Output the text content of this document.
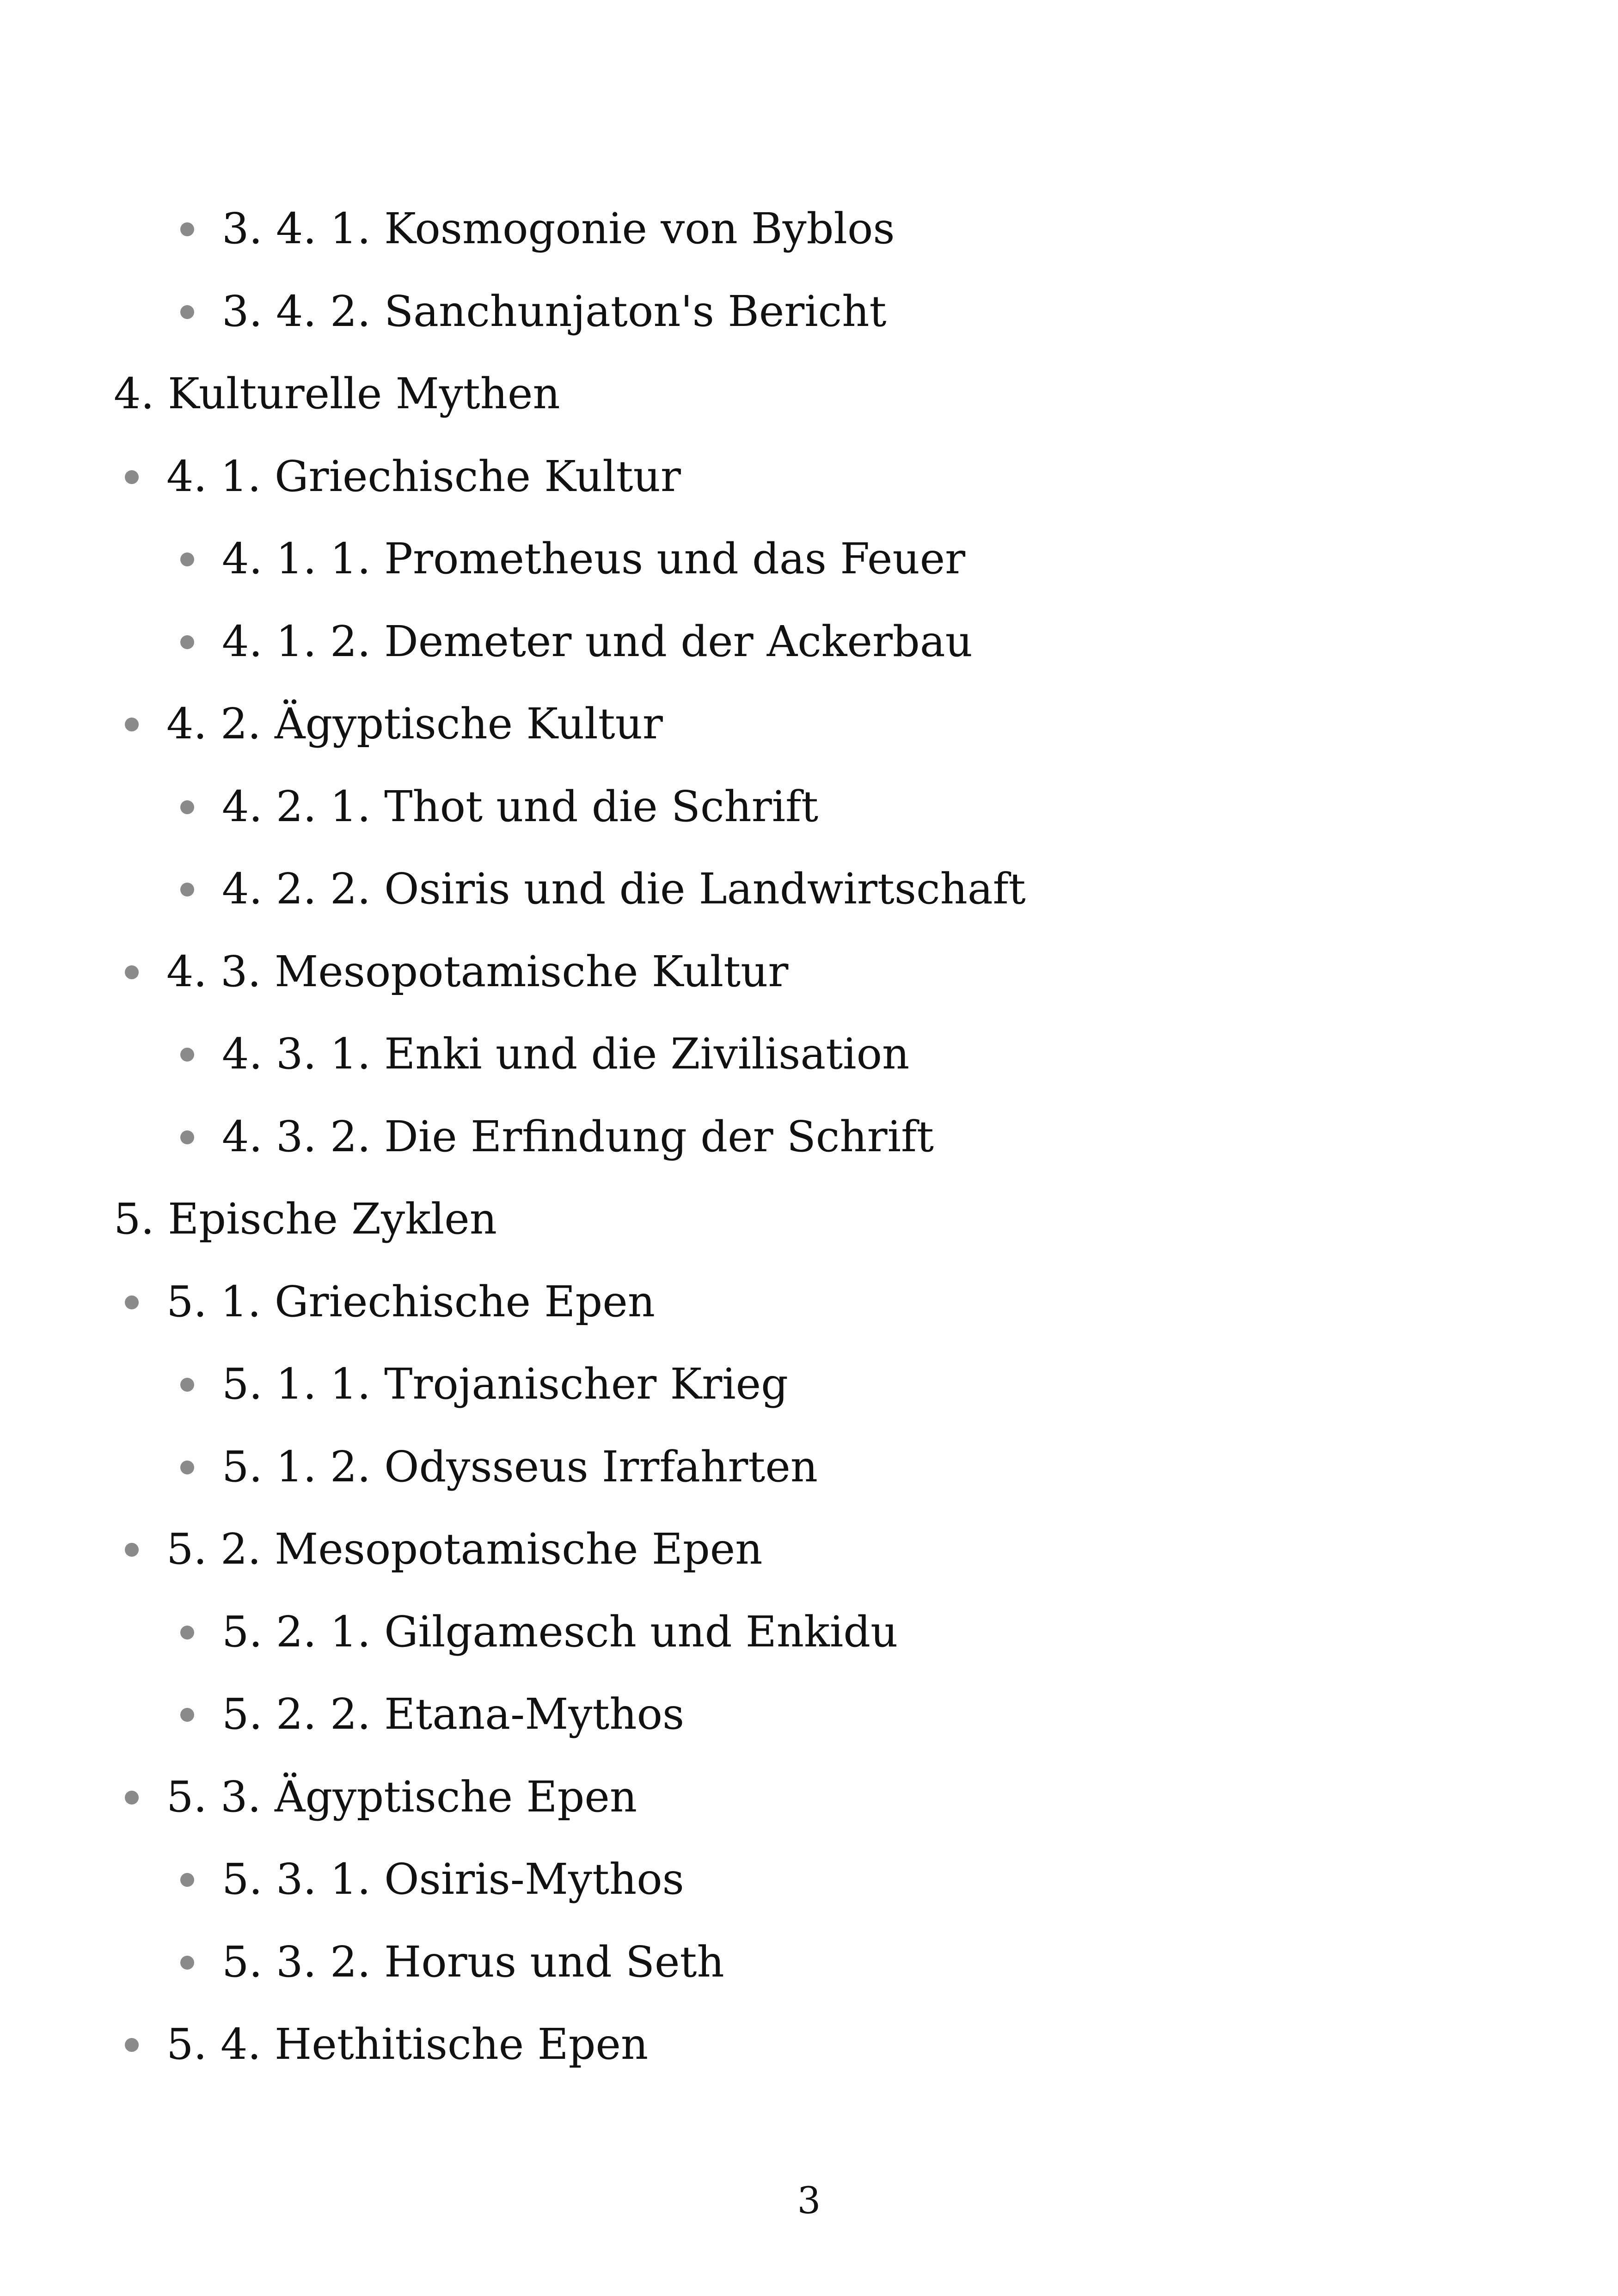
3. 4. 1. Kosmogonie von Byblos
3. 4. 2. Sanchunjaton's Bericht
4. Kulturelle Mythen
4. 1. Griechische Kultur
4. 1. 1. Prometheus und das Feuer
4. 1. 2. Demeter und der Ackerbau
4. 2. Ägyptische Kultur
4. 2. 1. Thot und die Schrift
4. 2. 2. Osiris und die Landwirtschaft
4. 3. Mesopotamische Kultur
4. 3. 1. Enki und die Zivilisation
4. 3. 2. Die Erfindung der Schrift
5. Epische Zyklen
5. 1. Griechische Epen
5. 1. 1. Trojanischer Krieg
5. 1. 2. Odysseus Irrfahrten
5. 2. Mesopotamische Epen
5. 2. 1. Gilgamesch und Enkidu
5. 2. 2. Etana-Mythos
5. 3. Ägyptische Epen
5. 3. 1. Osiris-Mythos
5. 3. 2. Horus und Seth
5. 4. Hethitische Epen
3
